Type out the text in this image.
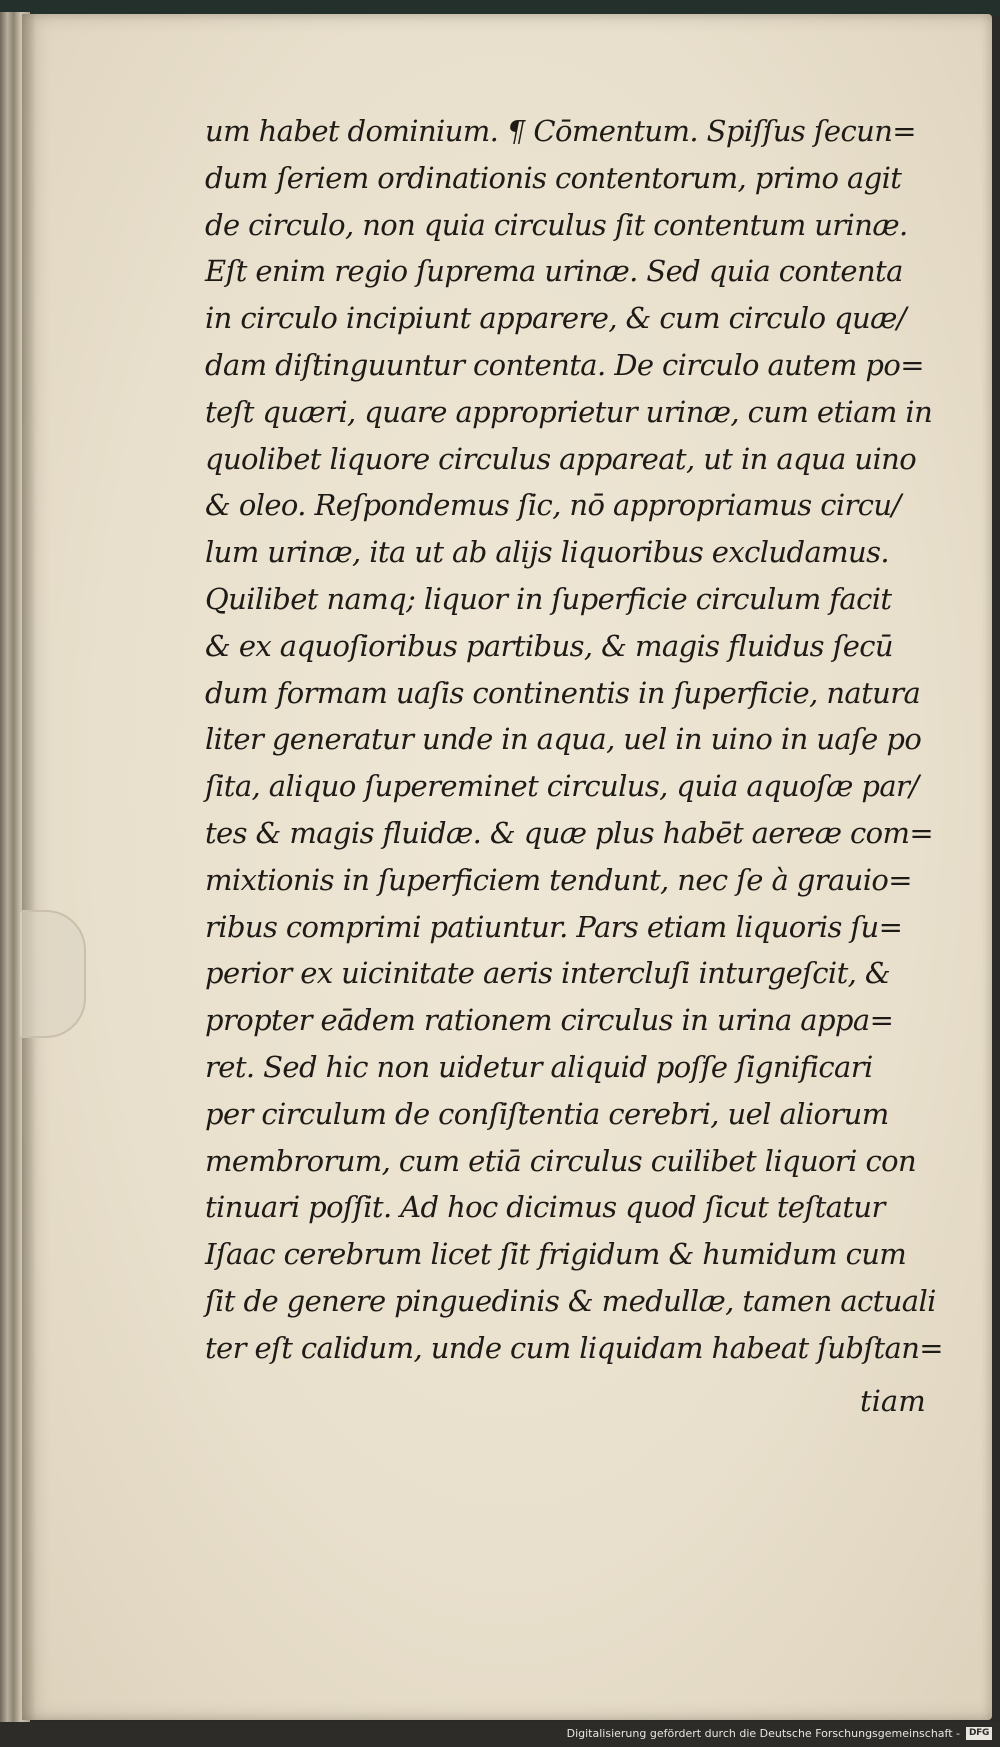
um habet dominium. ¶ Cōmentum. Spiſſus ſecun=
dum ſeriem ordinationis contentorum, primo agit
de circulo, non quia circulus ſit contentum urinæ.
Eſt enim regio ſuprema urinæ. Sed quia contenta
in circulo incipiunt apparere, & cum circulo quæ/
dam diſtinguuntur contenta. De circulo autem po=
teſt quæri, quare approprietur urinæ, cum etiam in
quolibet liquore circulus appareat, ut in aqua uino
& oleo. Reſpondemus ſic, nō appropriamus circu/
lum urinæ, ita ut ab alijs liquoribus excludamus.
Quilibet namq; liquor in ſuperficie circulum facit
& ex aquoſioribus partibus, & magis fluidus ſecū
dum formam uaſis continentis in ſuperficie, natura
liter generatur unde in aqua, uel in uino in uaſe po
ſita, aliquo ſupereminet circulus, quia aquoſæ par/
tes & magis fluidæ. & quæ plus habēt aereæ com=
mixtionis in ſuperficiem tendunt, nec ſe à grauio=
ribus comprimi patiuntur. Pars etiam liquoris ſu=
perior ex uicinitate aeris intercluſi inturgeſcit, &
propter eādem rationem circulus in urina appa=
ret. Sed hic non uidetur aliquid poſſe ſignificari
per circulum de conſiſtentia cerebri, uel aliorum
membrorum, cum etiā circulus cuilibet liquori con
tinuari poſſit. Ad hoc dicimus quod ſicut teſtatur
Iſaac cerebrum licet ſit frigidum & humidum cum
ſit de genere pinguedinis & medullæ, tamen actuali
ter eſt calidum, unde cum liquidam habeat ſubſtan=
tiam
Digitalisierung gefördert durch die Deutsche Forschungsgemeinschaft - DFG
